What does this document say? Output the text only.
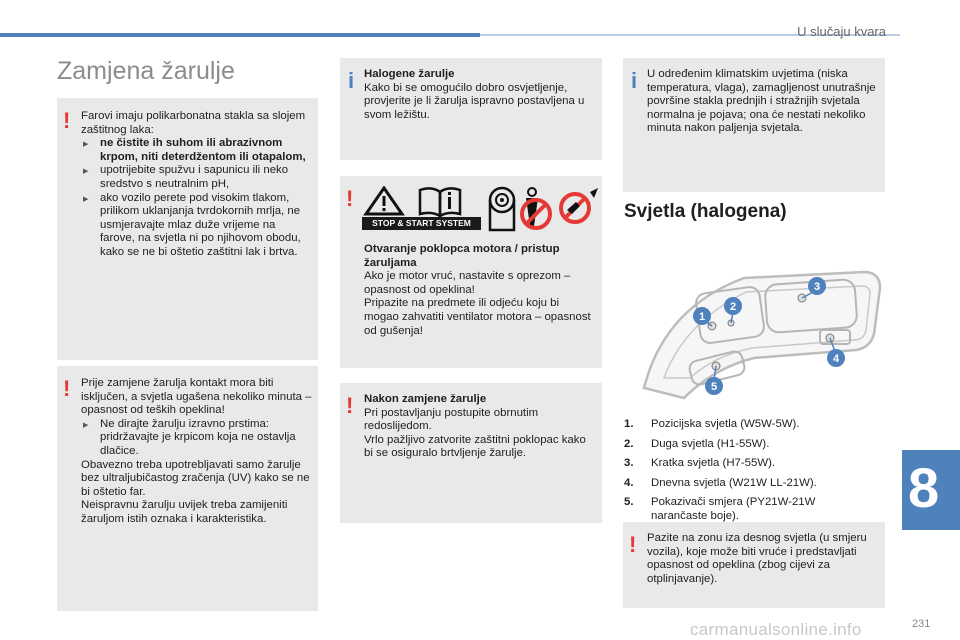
U slučaju kvara
Zamjena žarulje
! Farovi imaju polikarbonatna stakla sa slojem zaštitnog laka:
▶ ne čistite ih suhom ili abrazivnom krpom, niti deterdžentom ili otapalom,
▶ upotrijebite spužvu i sapunicu ili neko sredstvo s neutralnim pH,
▶ ako vozilo perete pod visokim tlakom, prilikom uklanjanja tvrdokornih mrlja, ne usmjeravajte mlaz duže vrijeme na farove, na svjetla ni po njihovom obodu, kako se ne bi oštetio zaštitni lak i brtva.
! Prije zamjene žarulja kontakt mora biti isključen, a svjetla ugašena nekoliko minuta – opasnost od teških opeklina!
▶ Ne dirajte žarulju izravno prstima: pridržavajte je krpicom koja ne ostavlja dlačice.
Obavezno treba upotrebljavati samo žarulje bez ultraljubičastog zračenja (UV) kako se ne bi oštetio far.
Neispravnu žarulju uvijek treba zamijeniti žaruljom istih oznaka i karakteristika.
i Halogene žarulje
Kako bi se omogućilo dobro osvjetljenje, provjerite je li žarulja ispravno postavljena u svom ležištu.
!
STOP & START SYSTEM
Otvaranje poklopca motora / pristup žaruljama
Ako je motor vruć, nastavite s oprezom – opasnost od opeklina!
Pripazite na predmete ili odjeću koju bi mogao zahvatiti ventilator motora – opasnost od gušenja!
! Nakon zamjene žarulje
Pri postavljanju postupite obrnutim redoslijedom.
Vrlo pažljivo zatvorite zaštitni poklopac kako bi se osiguralo brtvljenje žarulje.
i U određenim klimatskim uvjetima (niska temperatura, vlaga), zamagljenost unutrašnje površine stakla prednjih i stražnjih svjetala normalna je pojava; ona će nestati nekoliko minuta nakon paljenja svjetala.
Svjetla (halogena)
1
2
3
4
5
1.	Pozicijska svjetla (W5W-5W).
2.	Duga svjetla (H1-55W).
3.	Kratka svjetla (H7-55W).
4.	Dnevna svjetla (W21W LL-21W).
5.	Pokazivači smjera (PY21W-21W narančaste boje).
! Pazite na zonu iza desnog svjetla (u smjeru vozila), koje može biti vruće i predstavljati opasnost od opeklina (zbog cijevi za otplinjavanje).
8
carmanualsonline.info	231
